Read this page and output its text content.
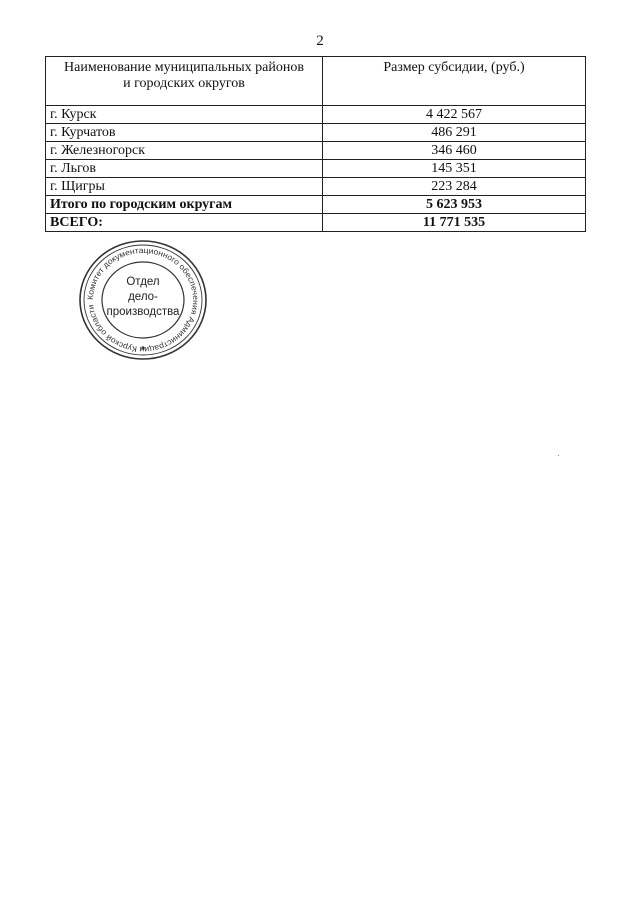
2
Наименование муниципальных районов
и городских округов	Размер субсидии, (руб.)
г. Курск	4 422 567
г. Курчатов	486 291
г. Железногорск	346 460
г. Льгов	145 351
г. Щигры	223 284
Итого по городским округам	5 623 953
ВСЕГО:	11 771 535
Комитет документационного обеспечения Администрации Курской области
Отдел
дело-
производства
